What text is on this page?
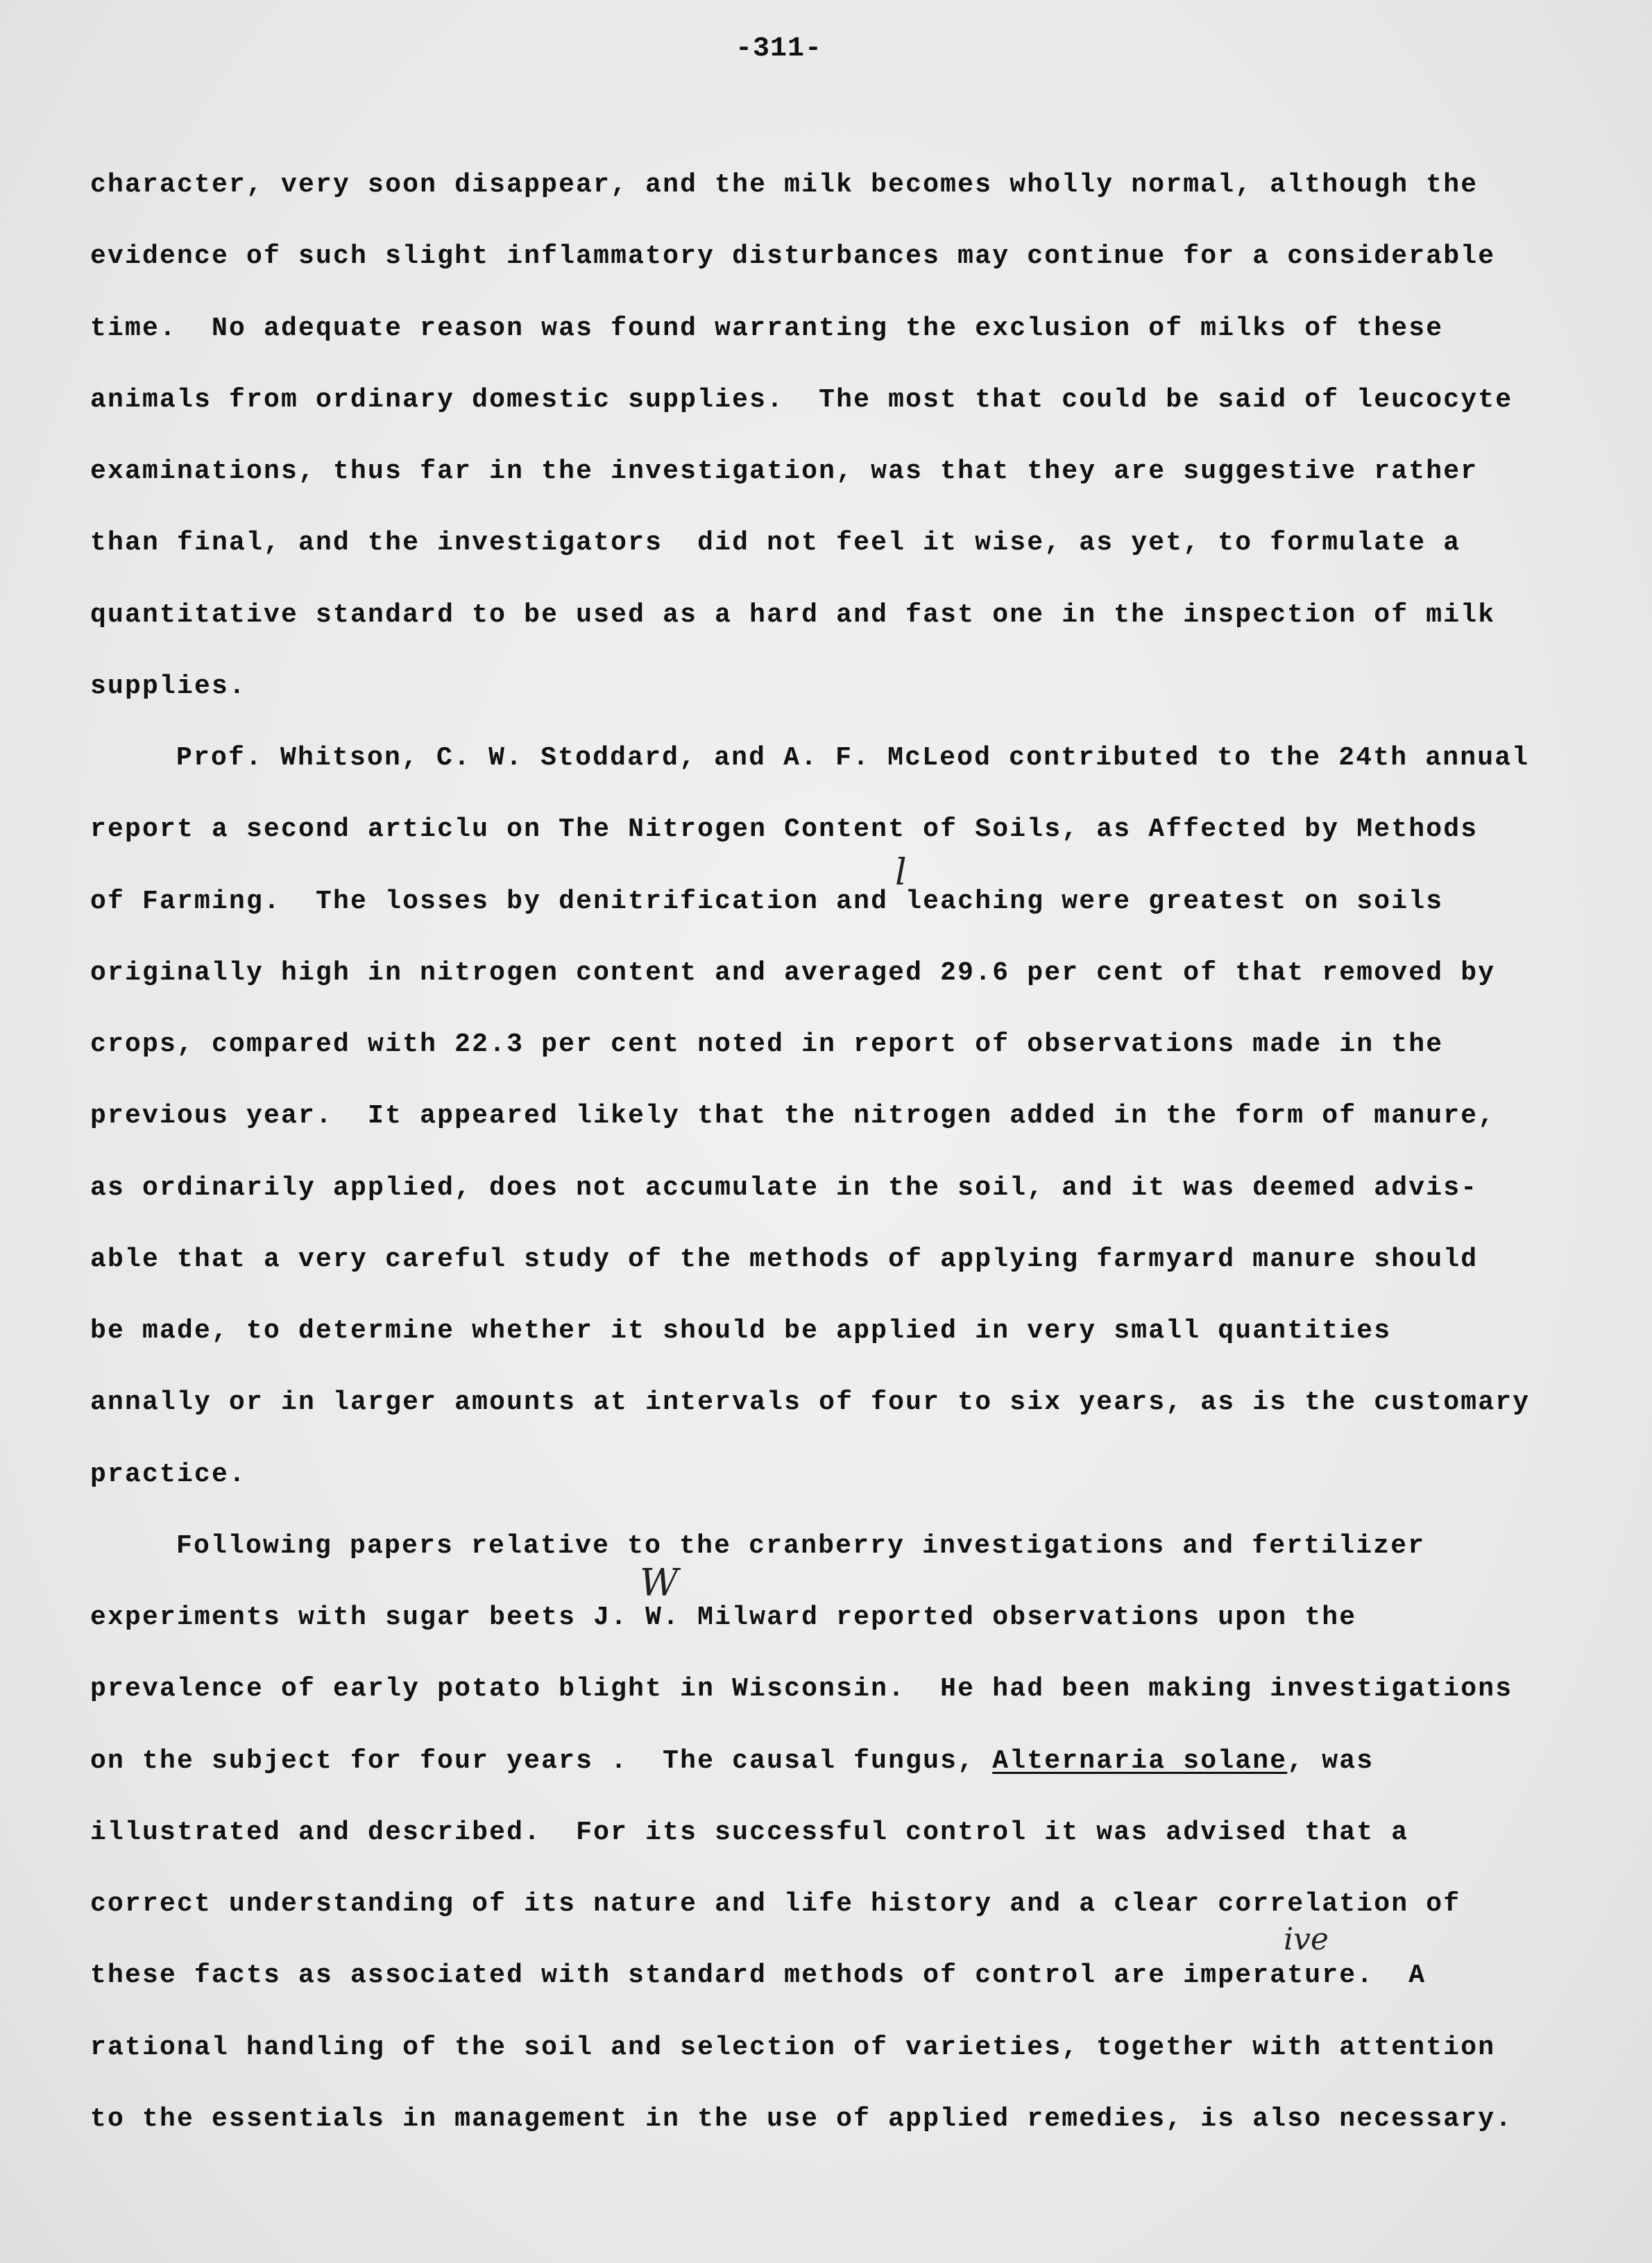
-311-
character, very soon disappear, and the milk becomes wholly normal, although the
evidence of such slight inflammatory disturbances may continue for a considerable
time.  No adequate reason was found warranting the exclusion of milks of these
animals from ordinary domestic supplies.  The most that could be said of leucocyte
examinations, thus far in the investigation, was that they are suggestive rather
than final, and the investigators  did not feel it wise, as yet, to formulate a
quantitative standard to be used as a hard and fast one in the inspection of milk
supplies.
Prof. Whitson, C. W. Stoddard, and A. F. McLeod contributed to the 24th annual
report a second articlu on The Nitrogen Content of Soils, as Affected by Methods
of Farming.  The losses by denitrification and leaching were greatest on soils
originally high in nitrogen content and averaged 29.6 per cent of that removed by
crops, compared with 22.3 per cent noted in report of observations made in the
previous year.  It appeared likely that the nitrogen added in the form of manure,
as ordinarily applied, does not accumulate in the soil, and it was deemed advis-
able that a very careful study of the methods of applying farmyard manure should
be made, to determine whether it should be applied in very small quantities
annally or in larger amounts at intervals of four to six years, as is the customary
practice.
Following papers relative to the cranberry investigations and fertilizer
experiments with sugar beets J. W. Milward reported observations upon the
prevalence of early potato blight in Wisconsin.  He had been making investigations
on the subject for four years .  The causal fungus, Alternaria solane, was
illustrated and described.  For its successful control it was advised that a
correct understanding of its nature and life history and a clear correlation of
these facts as associated with standard methods of control are imperature.  A
rational handling of the soil and selection of varieties, together with attention
to the essentials in management in the use of applied remedies, is also necessary.
l
W
ive
